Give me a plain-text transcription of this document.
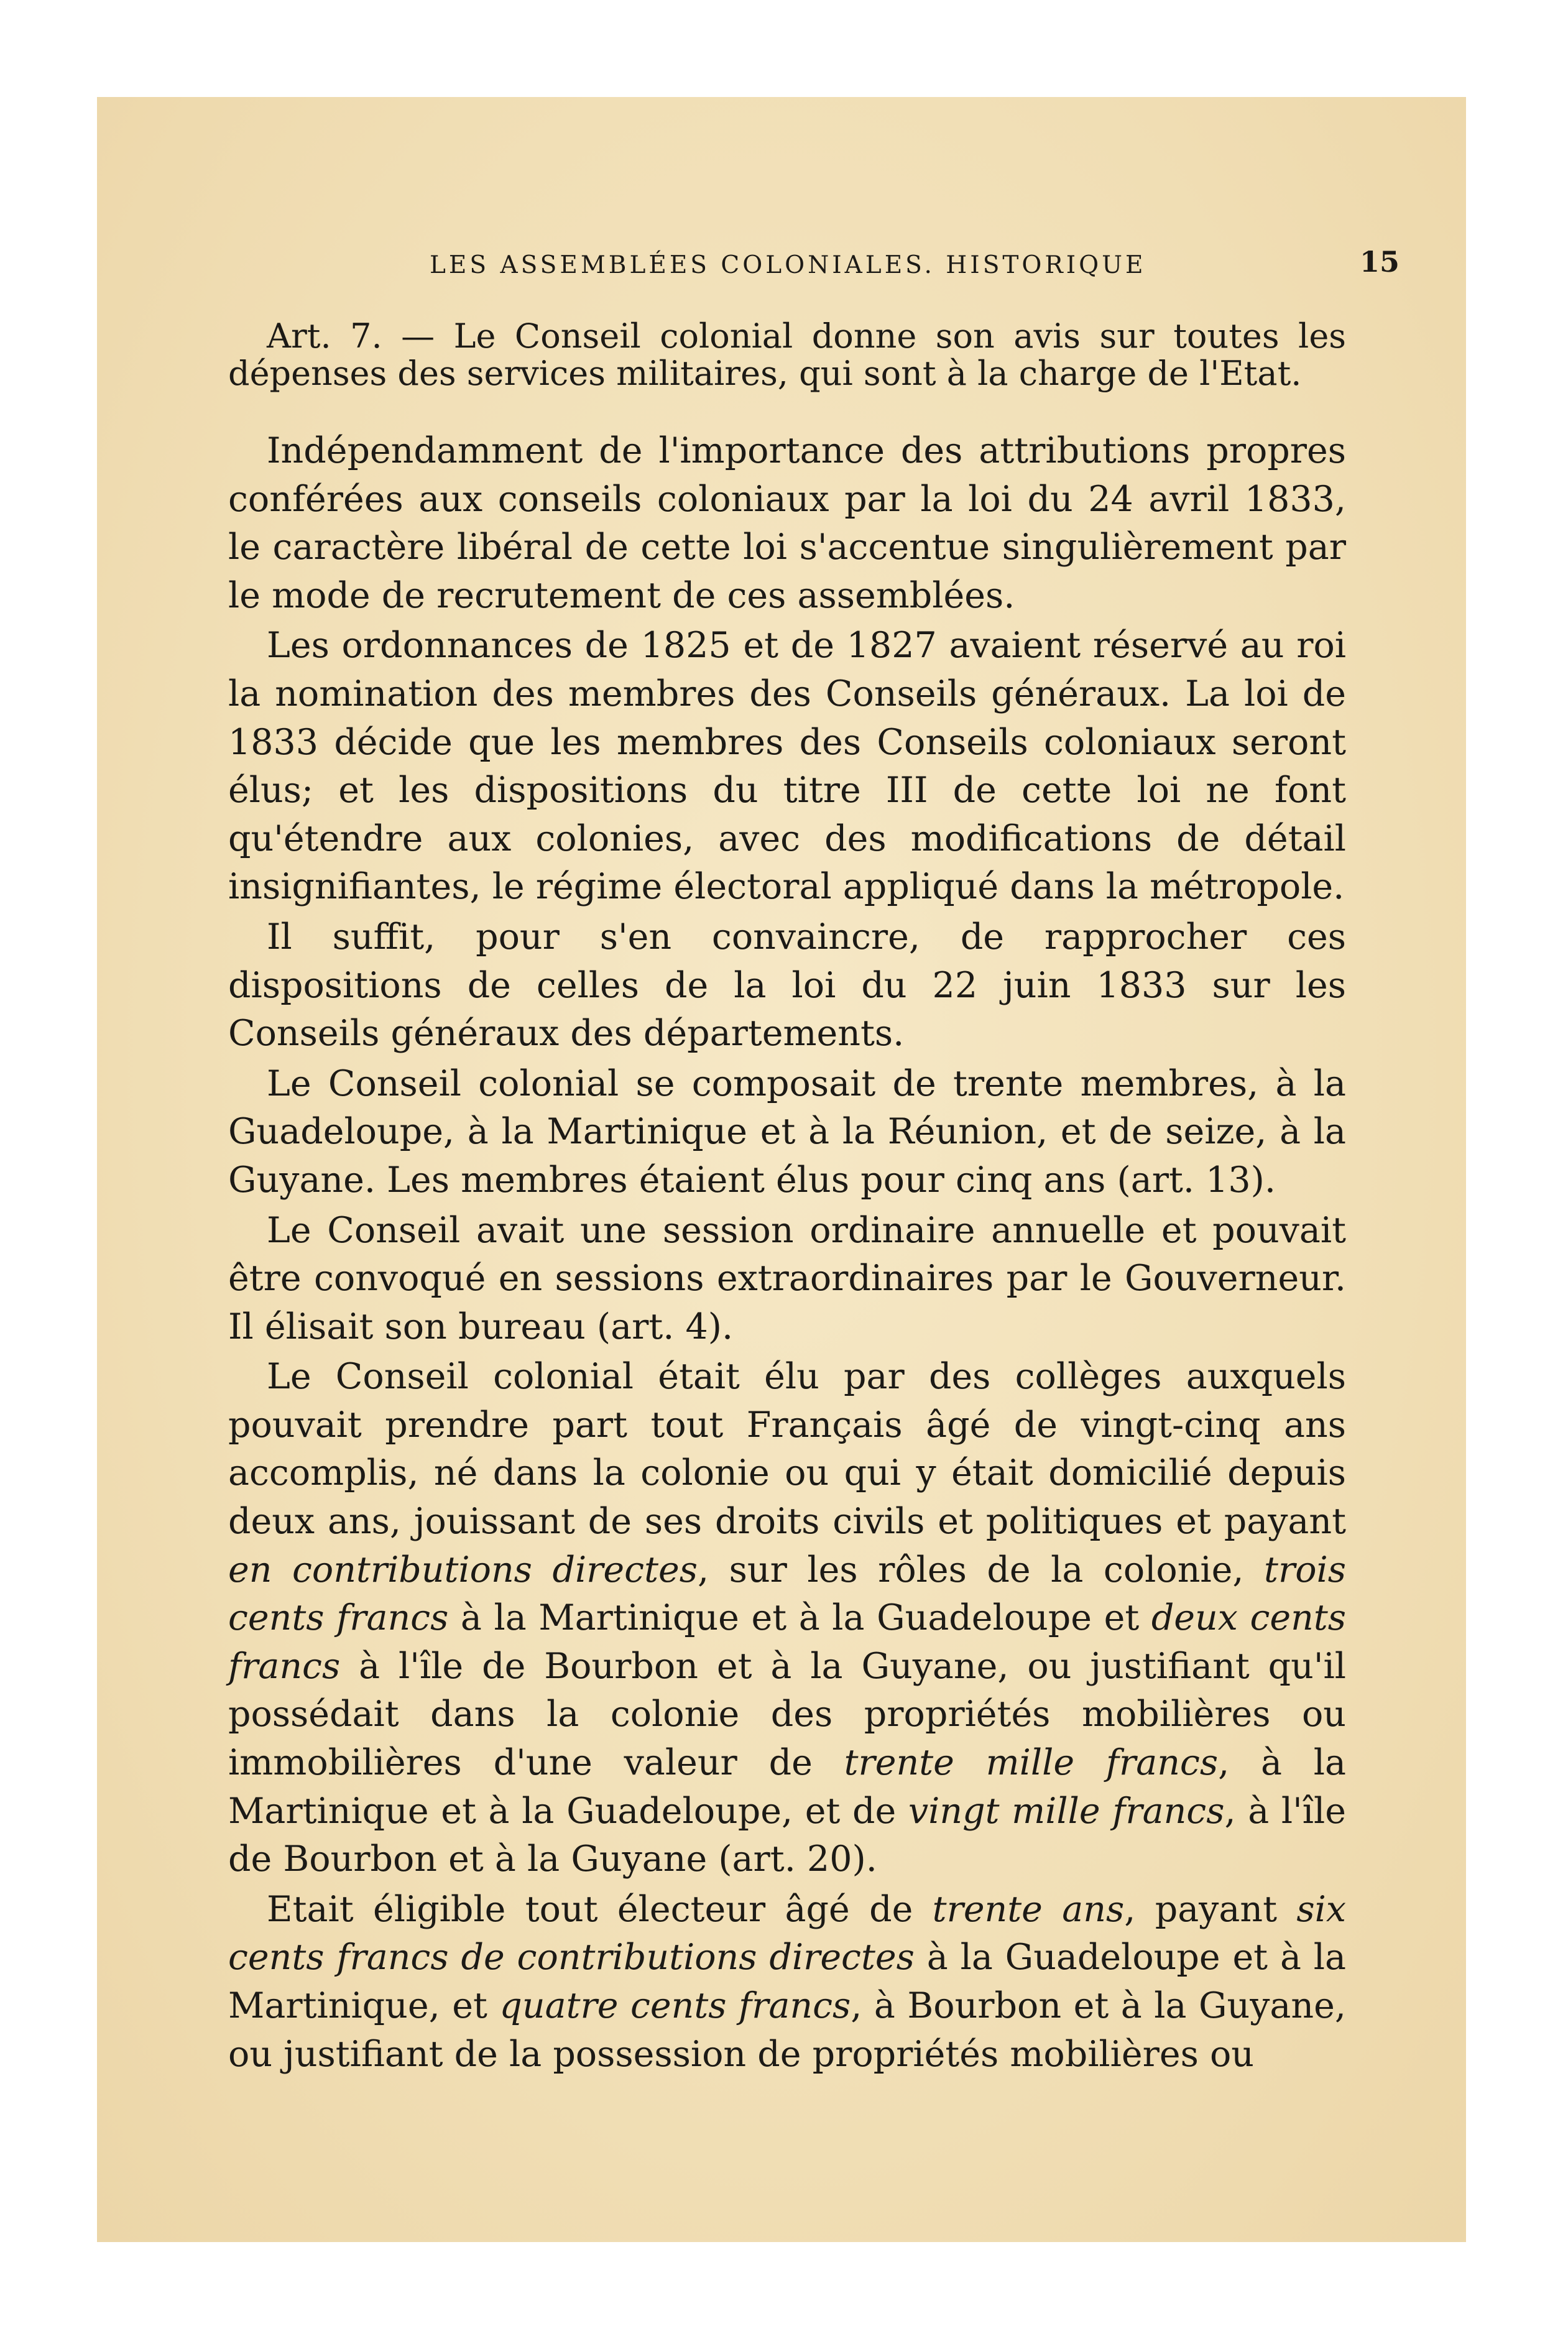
LES ASSEMBLÉES COLONIALES. HISTORIQUE	15

Art. 7. — Le Conseil colonial donne son avis sur toutes les dépenses des services militaires, qui sont à la charge de l'Etat.

Indépendamment de l'importance des attributions propres conférées aux conseils coloniaux par la loi du 24 avril 1833, le caractère libéral de cette loi s'accentue singulièrement par le mode de recrutement de ces assemblées.

Les ordonnances de 1825 et de 1827 avaient réservé au roi la nomination des membres des Conseils généraux. La loi de 1833 décide que les membres des Conseils coloniaux seront élus; et les dispositions du titre III de cette loi ne font qu'étendre aux colonies, avec des modifications de détail insignifiantes, le régime électoral appliqué dans la métropole.

Il suffit, pour s'en convaincre, de rapprocher ces dispositions de celles de la loi du 22 juin 1833 sur les Conseils généraux des départements.

Le Conseil colonial se composait de trente membres, à la Guadeloupe, à la Martinique et à la Réunion, et de seize, à la Guyane. Les membres étaient élus pour cinq ans (art. 13).

Le Conseil avait une session ordinaire annuelle et pouvait être convoqué en sessions extraordinaires par le Gouverneur. Il élisait son bureau (art. 4).

Le Conseil colonial était élu par des collèges auxquels pouvait prendre part tout Français âgé de vingt-cinq ans accomplis, né dans la colonie ou qui y était domicilié depuis deux ans, jouissant de ses droits civils et politiques et payant en contributions directes, sur les rôles de la colonie, trois cents francs à la Martinique et à la Guadeloupe et deux cents francs à l'île de Bourbon et à la Guyane, ou justifiant qu'il possédait dans la colonie des propriétés mobilières ou immobilières d'une valeur de trente mille francs, à la Martinique et à la Guadeloupe, et de vingt mille francs, à l'île de Bourbon et à la Guyane (art. 20).

Etait éligible tout électeur âgé de trente ans, payant six cents francs de contributions directes à la Guadeloupe et à la Martinique, et quatre cents francs, à Bourbon et à la Guyane, ou justifiant de la possession de propriétés mobilières ou
